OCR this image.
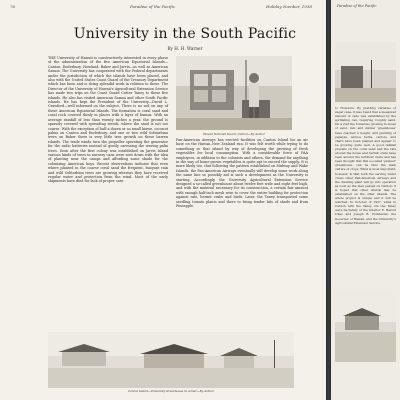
76	Paradise of the Pacific	Holiday Number, 1938
University in the South Pacific
By H. H. Warner
THE University of Hawaii is constructively interested in every phase of the administration of the five American Equatorial Islands—Canton, Enderbury, Howland, Baker and Jarvis—as well as American Samoa. The University has cooperated with the Federal departments under the jurisdiction of which the islands have been placed, and also with the United States Coast Guard of the Treasury Department which has been and is doing splendid work in relation to these. The Director of the University of Hawaii's Agricultural Extension Service has made two trips on the Coast Guard Cutter Taney to these five islands. He also has visited American Samoa and other South Pacific islands. He has kept the President of the University—David L. Crawford—well informed on the subject. There is no soil on any of these American Equatorial Islands. The formation is coral sand and coral rock covered thinly in places with a layer of humus. With an average rainfall of less than twenty inches a year, the ground is sparsely covered with spreading weeds, where the sand is not too coarse. With the exception of half a dozen or so small kiawe, coconut palms on Canton and Enderbury, and one or two wild Sobtarbina trees on Baker there is very little tree growth on these barren islands. The trade winds turn the propeller operating the generator for the radio batteries instead of gently caressing the waving palm trees. Soon after the first colony was established on Jarvis Island various kinds of trees in nursery cans were sent down with the idea of planting near the camps and affording some shade for the colonizing American boys. Recent observations indicate that even where planted in the coarse coral sand the frequent, buoyant rain and wild Sobtarbina trees are growing whereas they have received regular water and protection from the wind. Most of the early shipments have died for lack of proper care.
Hawaii National Guard, Canton—By Author
Pan-American Airways has erected facilities on Canton Island for an air base on the Hawaii–New Zealand run. It was felt worth while trying to do something so that island by way of developing the growing of fresh vegetables for local consumption. With a considerable force of PAA employees, in addition to the colonists and others, the demand for anything in the way of home-grown vegetables is quite apt to exceed the supply. It is more likely too, that following the pattern established on Midway and Wake Islands, the Pan-American Airways eventually will develop some work along the same line so possibly aid is such a development as the University is starting. Accordingly, the University Agricultural Extension Service designed a so-called greenhouse about twelve feet wide and eight feet high, and with the material necessary for its construction, a certain fair amount with enough half-inch mesh wire to cover the entire building for protection against rats, hermit crabs and birds. Later, the Taney transported some seedling tomato plants and there to bring tender bits of shade and from Pineapple.
Canton Island—University Greenhouse in center—By Author
Paradise of the Pacific
to Honolulu. By planting varieties of sugar cane, it was found that a measured amount of cane was established by the sprinkling can, requiring roughly sand. On a visit the Tomatoes growing in boxes of sand, rats and similar 'greenhouse' have reached a height, and planting of papayas, lettuce herbs, carrots, and chard have been planted and appear to be growing quite well. A good rainfall prevails on the coral sand and the rats around the house and hermit crabs have been around the fertilizer stubs and has been thought that this so-called 'pioneer' greenhouse, can be thus the main culture of crops. What is most important, however, is that both the serving water crews other Pan-American Airways and the dwelling plant will go into operation as soon as the men passed on Canton; it is hoped that other islands may be established on the other islands. The whole project is unique and it will be watched. In October of 1937, while in Canton with the Taney. On the Taney were Secretary of the Interior E. Harold Ickes and Joseph B. Poindexter, the Governor of Hawaii, and the University's Agricultural Extension Service.
